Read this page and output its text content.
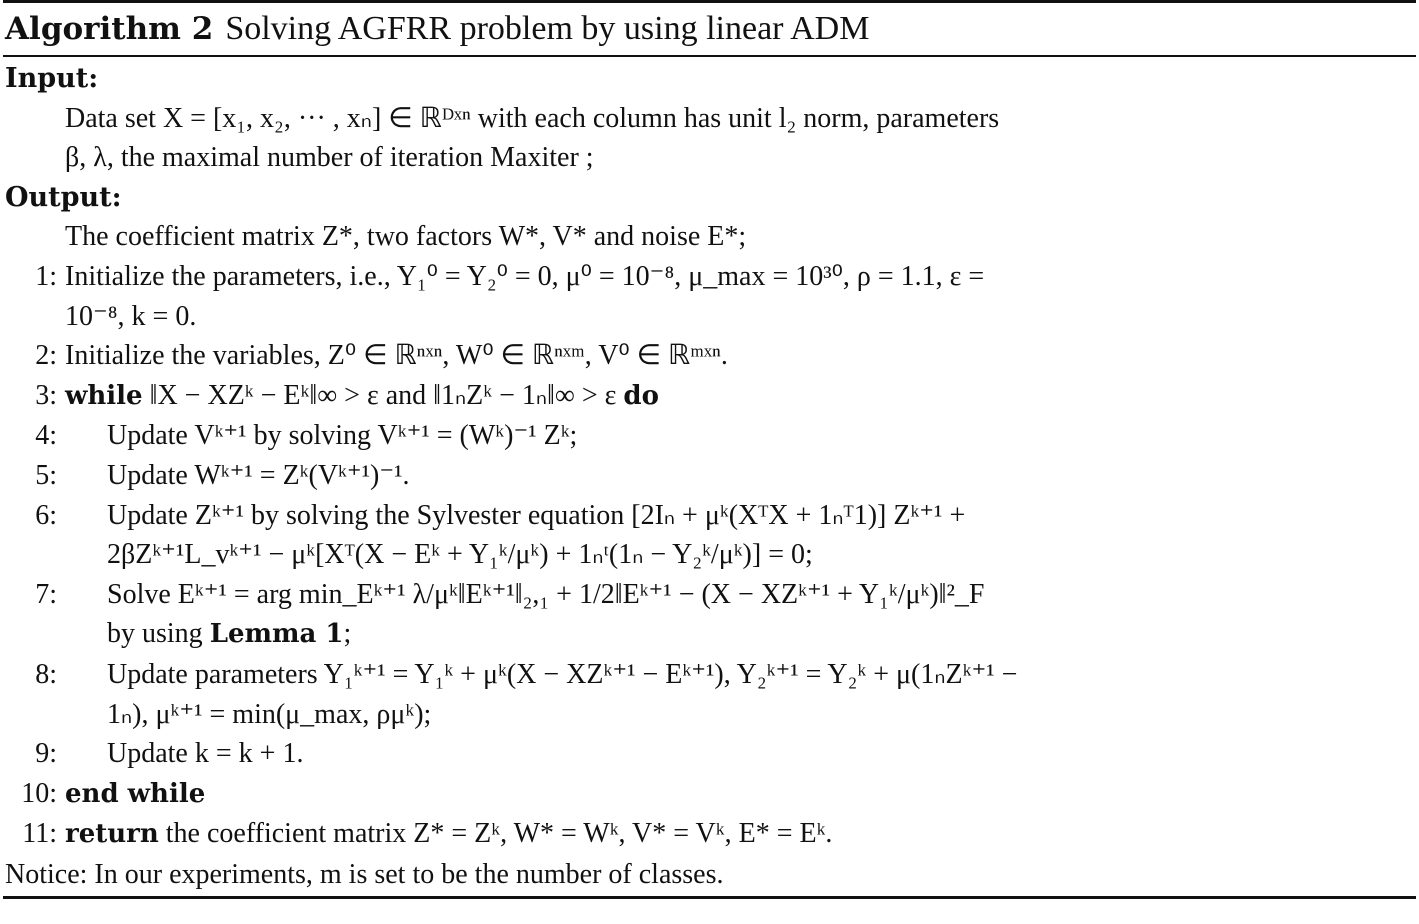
Algorithm 2 Solving AGFRR problem by using linear ADM
Input:
Data set X = [x₁, x₂, ··· , xₙ] ∈ ℝᴰˣⁿ with each column has unit l₂ norm, parameters
β, λ, the maximal number of iteration Maxiter ;
Output:
The coefficient matrix Z*, two factors W*, V* and noise E*;
1: Initialize the parameters, i.e., Y₁⁰ = Y₂⁰ = 0, μ⁰ = 10⁻⁸, μ_max = 10³⁰, ρ = 1.1, ε =
10⁻⁸, k = 0.
2: Initialize the variables, Z⁰ ∈ ℝⁿˣⁿ, W⁰ ∈ ℝⁿˣᵐ, V⁰ ∈ ℝᵐˣⁿ.
3: while ‖X − XZᵏ − Eᵏ‖∞ > ε and ‖1ₙZᵏ − 1ₙ‖∞ > ε do
4:	Update Vᵏ⁺¹ by solving Vᵏ⁺¹ = (Wᵏ)⁻¹ Zᵏ;
5:	Update Wᵏ⁺¹ = Zᵏ(Vᵏ⁺¹)⁻¹.
6:	Update Zᵏ⁺¹ by solving the Sylvester equation [2Iₙ + μᵏ(XᵀX + 1ₙᵀ1)] Zᵏ⁺¹ +
2βZᵏ⁺¹L_vᵏ⁺¹ − μᵏ[Xᵀ(X − Eᵏ + Y₁ᵏ/μᵏ) + 1ₙᵗ(1ₙ − Y₂ᵏ/μᵏ)] = 0;
7:	Solve Eᵏ⁺¹ = arg min_Eᵏ⁺¹ λ/μᵏ‖Eᵏ⁺¹‖₂,₁ + 1/2‖Eᵏ⁺¹ − (X − XZᵏ⁺¹ + Y₁ᵏ/μᵏ)‖²_F
by using Lemma 1;
8:	Update parameters Y₁ᵏ⁺¹ = Y₁ᵏ + μᵏ(X − XZᵏ⁺¹ − Eᵏ⁺¹), Y₂ᵏ⁺¹ = Y₂ᵏ + μ(1ₙZᵏ⁺¹ −
1ₙ), μᵏ⁺¹ = min(μ_max, ρμᵏ);
9:	Update k = k + 1.
10: end while
11: return the coefficient matrix Z* = Zᵏ, W* = Wᵏ, V* = Vᵏ, E* = Eᵏ.
Notice: In our experiments, m is set to be the number of classes.
